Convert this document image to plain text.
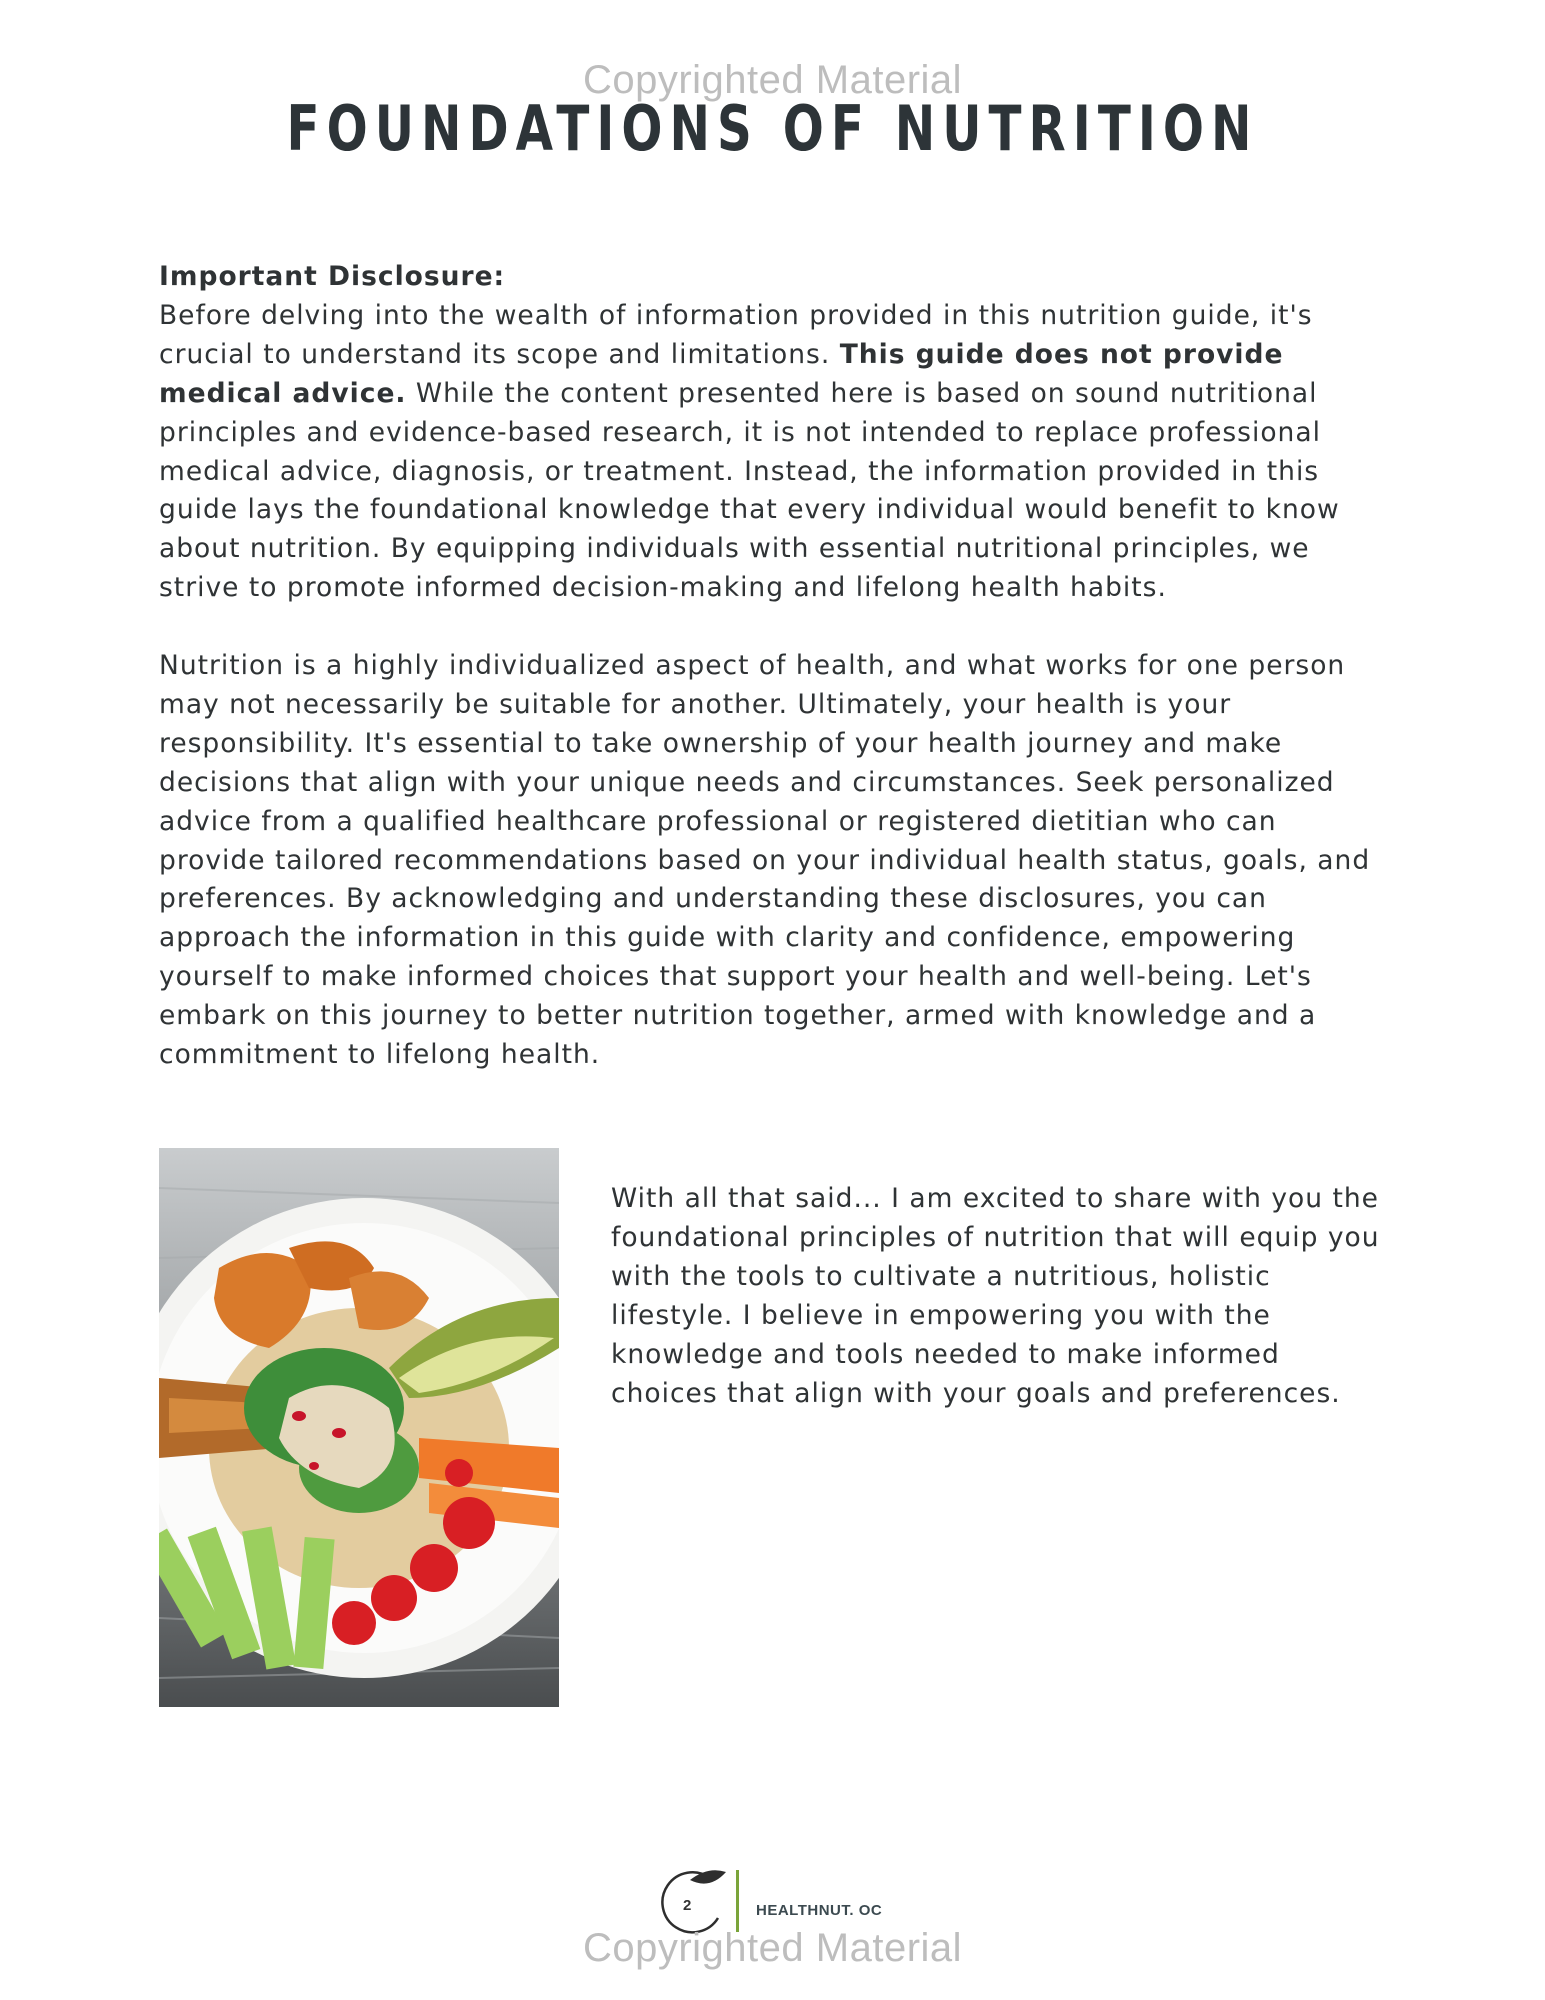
Copyrighted Material
FOUNDATIONS OF NUTRITION

Important Disclosure:

Before delving into the wealth of information provided in this nutrition guide, it's crucial to understand its scope and limitations. This guide does not provide medical advice. While the content presented here is based on sound nutritional principles and evidence-based research, it is not intended to replace professional medical advice, diagnosis, or treatment. Instead, the information provided in this guide lays the foundational knowledge that every individual would benefit to know about nutrition. By equipping individuals with essential nutritional principles, we strive to promote informed decision-making and lifelong health habits.

Nutrition is a highly individualized aspect of health, and what works for one person may not necessarily be suitable for another. Ultimately, your health is your responsibility. It's essential to take ownership of your health journey and make decisions that align with your unique needs and circumstances. Seek personalized advice from a qualified healthcare professional or registered dietitian who can provide tailored recommendations based on your individual health status, goals, and preferences. By acknowledging and understanding these disclosures, you can approach the information in this guide with clarity and confidence, empowering yourself to make informed choices that support your health and well-being. Let's embark on this journey to better nutrition together, armed with knowledge and a commitment to lifelong health.

With all that said... I am excited to share with you the foundational principles of nutrition that will equip you with the tools to cultivate a nutritious, holistic lifestyle. I believe in empowering you with the knowledge and tools needed to make informed choices that align with your goals and preferences.
2	HEALTHNUT. OC
Copyrighted Material
